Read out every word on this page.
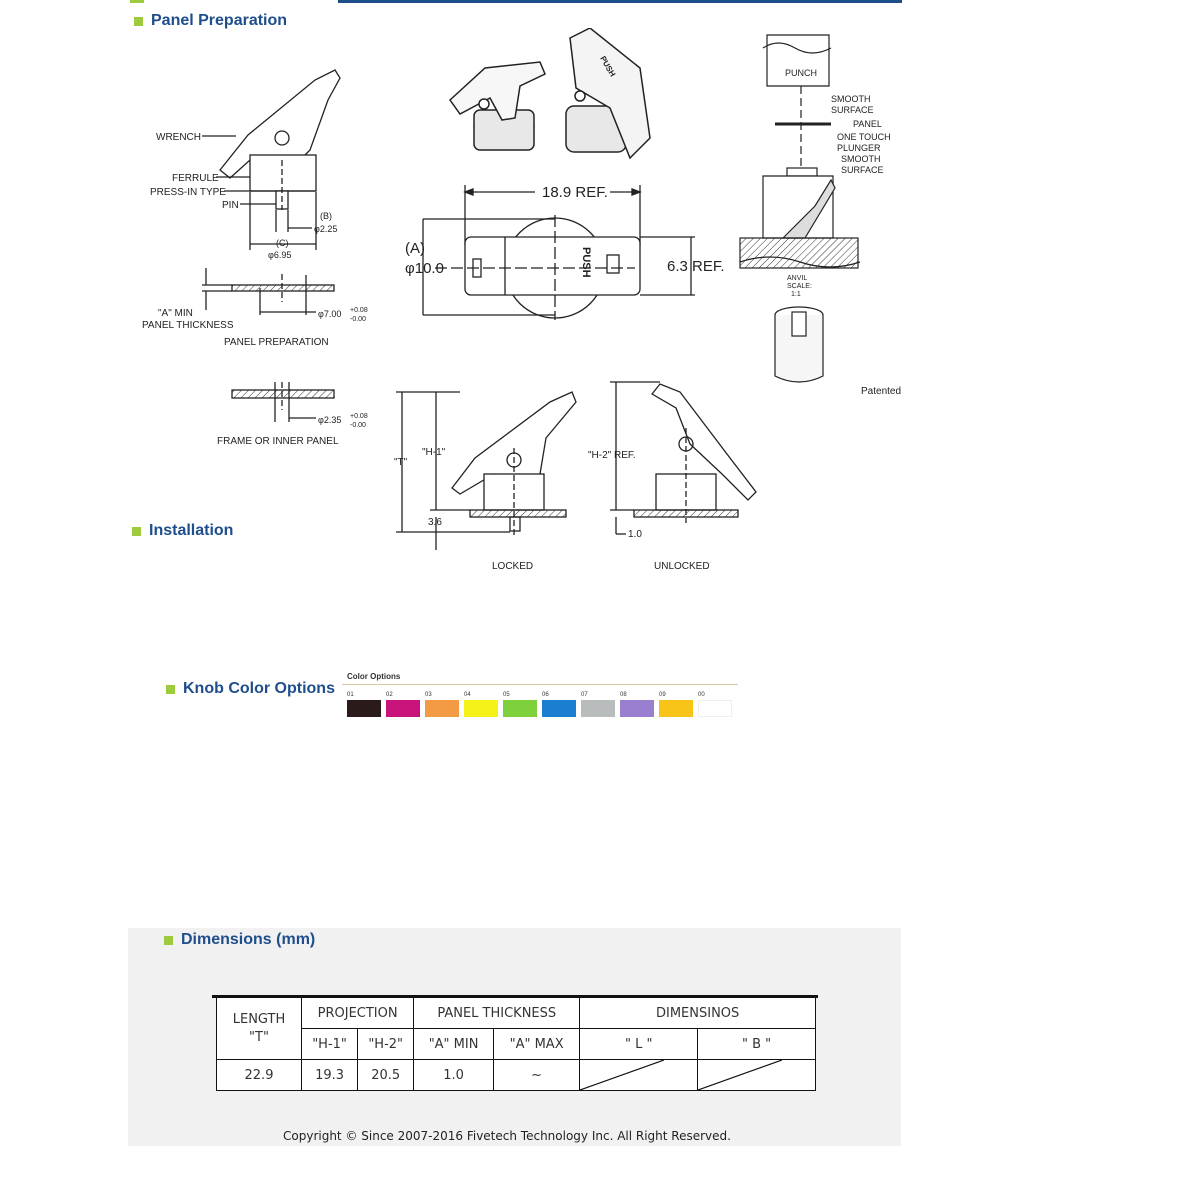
Panel Preparation
Installation
Knob Color Options
WRENCH
FERRULE
PRESS-IN TYPE
PIN
(B)
φ2.25
(C)
φ6.95
"A" MIN
PANEL THICKNESS
φ7.00 +0.08
-0.00
PANEL PREPARATION
φ2.35 +0.08
-0.00
FRAME OR INNER PANEL
PUSH
18.9 REF.
(A)
φ10.0	6.3 REF.
PUSH
PUNCH
SMOOTH
SURFACE
PANEL
ONE TOUCH
PLUNGER
SMOOTH
SURFACE
ANVIL
SCALE:
1:1
Patented
"T"
"H-1"	"H-2" REF.
3.6
1.0
LOCKED	UNLOCKED
Color Options
01	02	03	04	05	06	07	08	09	00
Dimensions (mm)
LENGTH
"T"	PROJECTION		PANEL THICKNESS		DIMENSINOS	
	"H-1"	"H-2"	"A" MIN	"A" MAX	" L "	" B "
22.9	19.3	20.5	1.0	~	

Copyright © Since 2007-2016 Fivetech Technology Inc. All Right Reserved.
